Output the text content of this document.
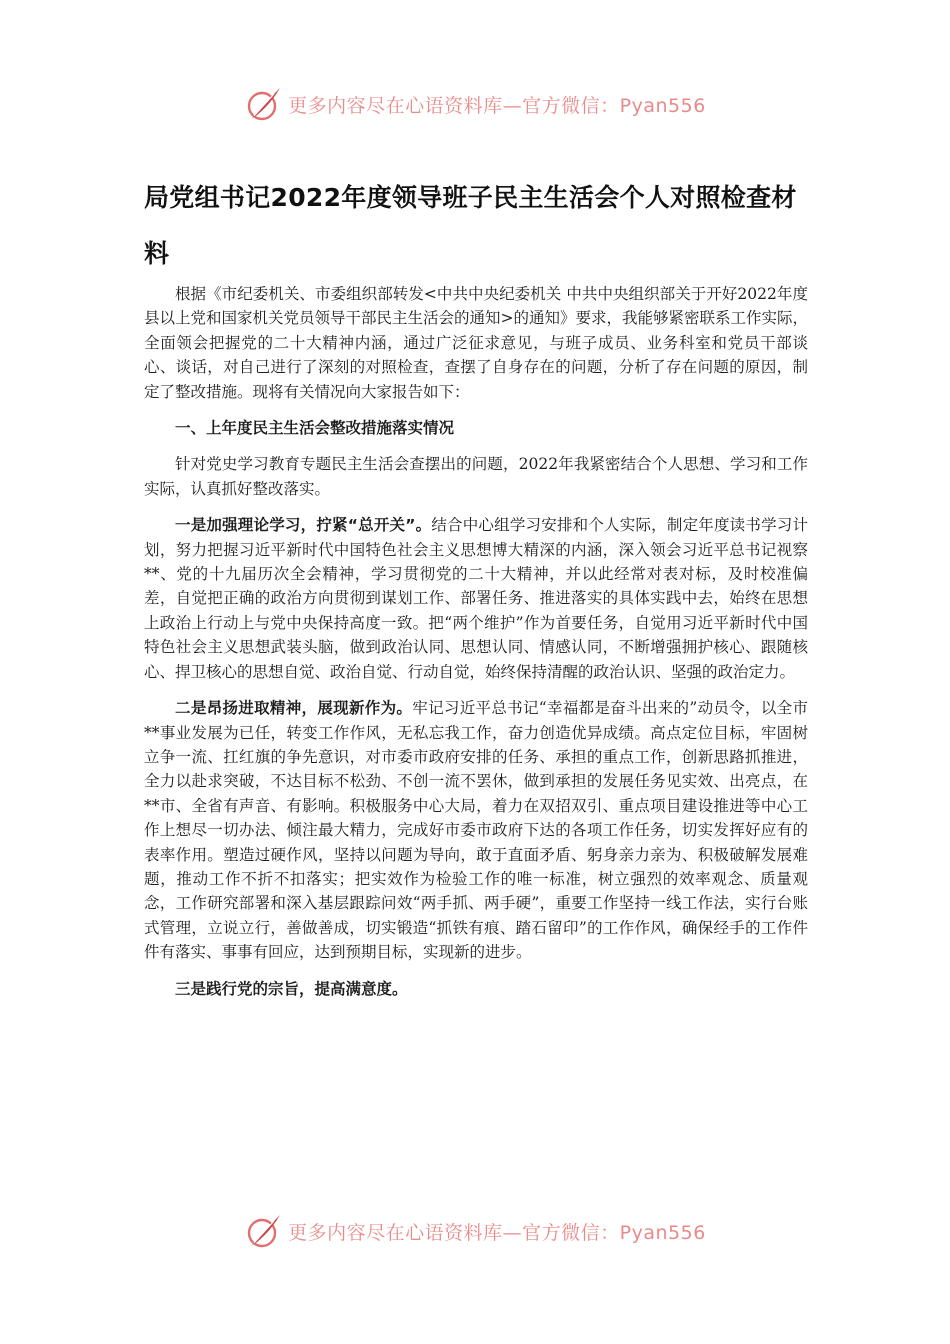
更多内容尽在心语资料库—官方微信：Pyan556
局党组书记2022年度领导班子民主生活会个人对照检查材料

根据《市纪委机关、市委组织部转发<中共中央纪委机关 中共中央组织部关于开好2022年度县以上党和国家机关党员领导干部民主生活会的通知>的通知》要求，我能够紧密联系工作实际，全面领会把握党的二十大精神内涵，通过广泛征求意见，与班子成员、业务科室和党员干部谈心、谈话，对自己进行了深刻的对照检查，查摆了自身存在的问题，分析了存在问题的原因，制定了整改措施。现将有关情况向大家报告如下：

一、上年度民主生活会整改措施落实情况

针对党史学习教育专题民主生活会查摆出的问题，2022年我紧密结合个人思想、学习和工作实际，认真抓好整改落实。

一是加强理论学习，拧紧“总开关”。结合中心组学习安排和个人实际，制定年度读书学习计划，努力把握习近平新时代中国特色社会主义思想博大精深的内涵，深入领会习近平总书记视察**、党的十九届历次全会精神，学习贯彻党的二十大精神，并以此经常对表对标，及时校准偏差，自觉把正确的政治方向贯彻到谋划工作、部署任务、推进落实的具体实践中去，始终在思想上政治上行动上与党中央保持高度一致。把“两个维护”作为首要任务，自觉用习近平新时代中国特色社会主义思想武装头脑，做到政治认同、思想认同、情感认同，不断增强拥护核心、跟随核心、捍卫核心的思想自觉、政治自觉、行动自觉，始终保持清醒的政治认识、坚强的政治定力。

二是昂扬进取精神，展现新作为。牢记习近平总书记“幸福都是奋斗出来的”动员令，以全市**事业发展为已任，转变工作作风，无私忘我工作，奋力创造优异成绩。高点定位目标，牢固树立争一流、扛红旗的争先意识，对市委市政府安排的任务、承担的重点工作，创新思路抓推进，全力以赴求突破，不达目标不松劲、不创一流不罢休，做到承担的发展任务见实效、出亮点，在**市、全省有声音、有影响。积极服务中心大局，着力在双招双引、重点项目建设推进等中心工作上想尽一切办法、倾注最大精力，完成好市委市政府下达的各项工作任务，切实发挥好应有的表率作用。塑造过硬作风，坚持以问题为导向，敢于直面矛盾、躬身亲力亲为、积极破解发展难题，推动工作不折不扣落实；把实效作为检验工作的唯一标准，树立强烈的效率观念、质量观念，工作研究部署和深入基层跟踪问效“两手抓、两手硬”，重要工作坚持一线工作法，实行台账式管理，立说立行，善做善成，切实锻造“抓铁有痕、踏石留印”的工作作风，确保经手的工作件件有落实、事事有回应，达到预期目标，实现新的进步。

三是践行党的宗旨，提高满意度。

更多内容尽在心语资料库—官方微信：Pyan556
